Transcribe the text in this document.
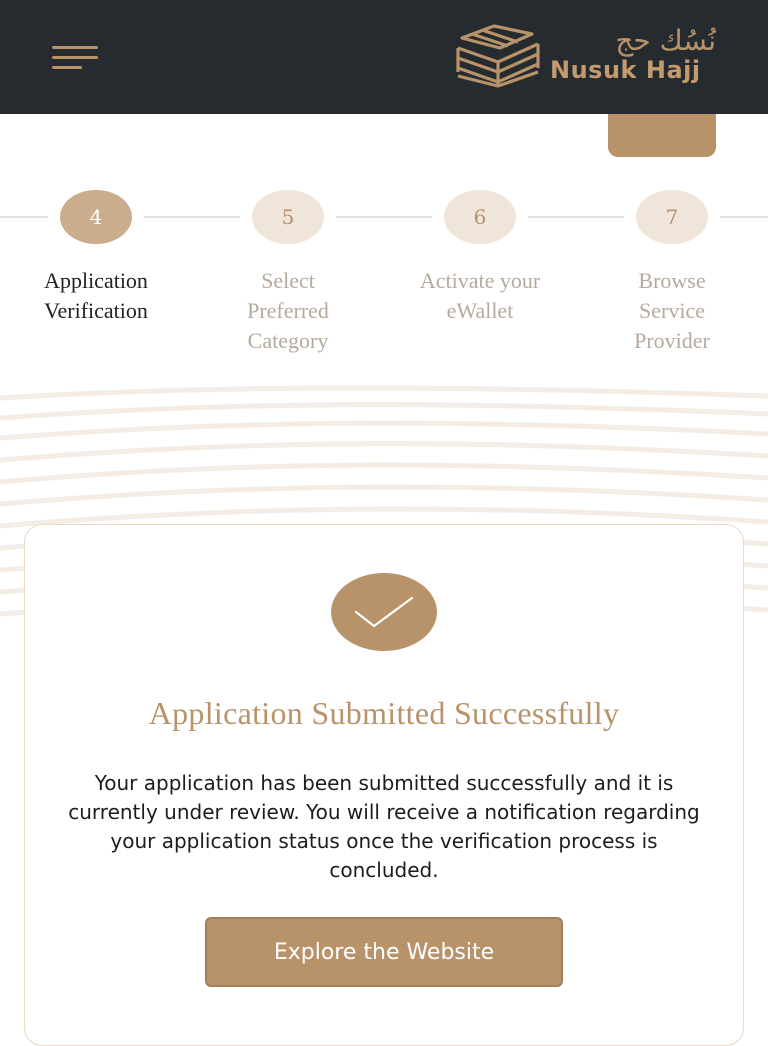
نُسُك حج
Nusuk Hajj
4
Application
Verification
5
Select
Preferred
Category
6
Activate your
eWallet
7
Browse
Service
Provider
Application Submitted Successfully
Your application has been submitted successfully and it is currently under review. You will receive a notification regarding your application status once the verification process is concluded.
Explore the Website
